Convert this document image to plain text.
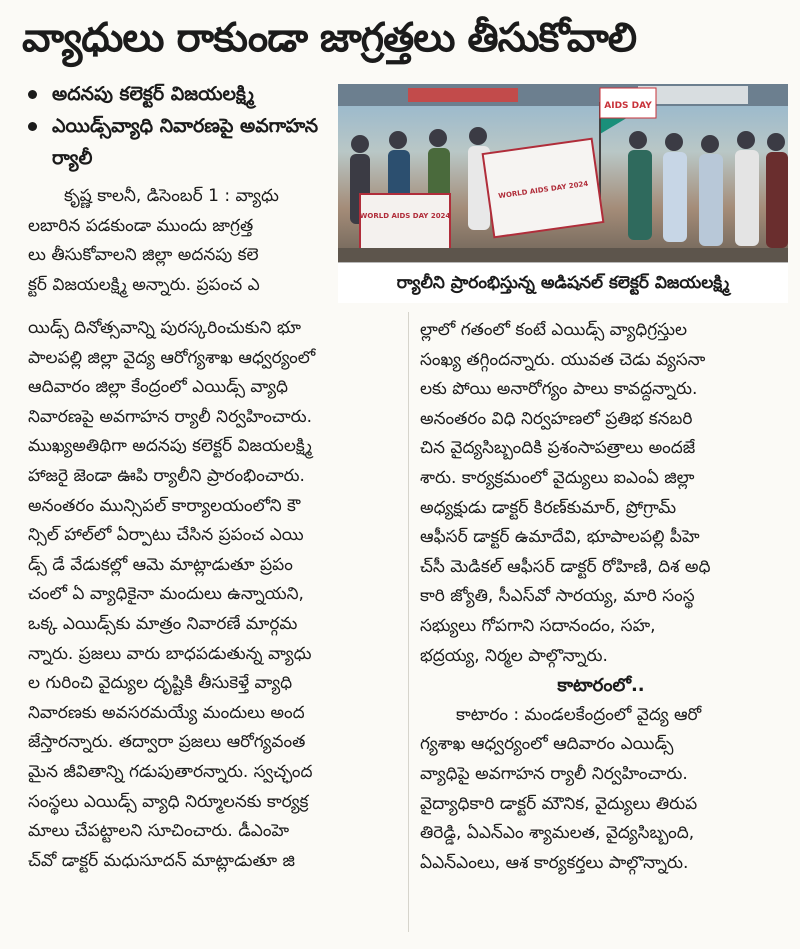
వ్యాధులు రాకుండా జాగ్రత్తలు తీసుకోవాలి
అదనపు కలెక్టర్ విజయలక్ష్మి
ఎయిడ్స్‌వ్యాధి నివారణపై అవగాహన ర్యాలీ
AIDS DAY
WORLD AIDS DAY 2024
WORLD AIDS DAY 2024
ర్యాలీని ప్రారంభిస్తున్న అడిషనల్ కలెక్టర్ విజయలక్ష్మి
కృష్ణ కాలనీ, డిసెంబర్ 1 : వ్యాధు
లబారిన పడకుండా ముందు జాగ్రత్త
లు తీసుకోవాలని జిల్లా అదనపు కలె
క్టర్ విజయలక్ష్మి అన్నారు. ప్రపంచ ఎ
యిడ్స్ దినోత్సవాన్ని పురస్కరించుకుని భూ
పాలపల్లి జిల్లా వైద్య ఆరోగ్యశాఖ ఆధ్వర్యంలో
ఆదివారం జిల్లా కేంద్రంలో ఎయిడ్స్ వ్యాధి
నివారణపై అవగాహన ర్యాలీ నిర్వహించారు.
ముఖ్యఅతిథిగా అదనపు కలెక్టర్ విజయలక్ష్మి
హాజరై జెండా ఊపి ర్యాలీని ప్రారంభించారు.
అనంతరం మున్సిపల్ కార్యాలయంలోని కౌ
న్సిల్ హాల్‌లో ఏర్పాటు చేసిన ప్రపంచ ఎయి
డ్స్ డే వేడుకల్లో ఆమె మాట్లాడుతూ ప్రపం
చంలో ఏ వ్యాధికైనా మందులు ఉన్నాయని,
ఒక్క ఎయిడ్స్‌కు మాత్రం నివారణే మార్గమ
న్నారు. ప్రజలు వారు బాధపడుతున్న వ్యాధు
ల గురించి వైద్యుల దృష్టికి తీసుకెళ్తే వ్యాధి
నివారణకు అవసరమయ్యే మందులు అంద
జేస్తారన్నారు. తద్వారా ప్రజలు ఆరోగ్యవంత
మైన జీవితాన్ని గడుపుతారన్నారు. స్వచ్ఛంద
సంస్థలు ఎయిడ్స్ వ్యాధి నిర్మూలనకు కార్యక్ర
మాలు చేపట్టాలని సూచించారు. డీఎంహె
చ్‌వో డాక్టర్ మధుసూదన్ మాట్లాడుతూ జి
ల్లాలో గతంలో కంటే ఎయిడ్స్ వ్యాధిగ్రస్తుల
సంఖ్య తగ్గిందన్నారు. యువత చెడు వ్యసనా
లకు పోయి అనారోగ్యం పాలు కావద్దన్నారు.
అనంతరం విధి నిర్వహణలో ప్రతిభ కనబరి
చిన వైద్యసిబ్బందికి ప్రశంసాపత్రాలు అందజే
శారు. కార్యక్రమంలో వైద్యులు ఐఎంఏ జిల్లా
అధ్యక్షుడు డాక్టర్ కిరణ్‌కుమార్, ప్రోగ్రామ్
ఆఫీసర్ డాక్టర్ ఉమాదేవి, భూపాలపల్లి పీహె
చ్‌సీ మెడికల్ ఆఫీసర్ డాక్టర్ రోహిణి, దిశ అధి
కారి జ్యోతి, సీఎస్‌వో సారయ్య, మారి సంస్థ
సభ్యులు గోపగాని సదానందం, సహ,
భద్రయ్య, నిర్మల పాల్గొన్నారు.
కాటారంలో..
కాటారం : మండలకేంద్రంలో వైద్య ఆరో
గ్యశాఖ ఆధ్వర్యంలో ఆదివారం ఎయిడ్స్
వ్యాధిపై అవగాహన ర్యాలీ నిర్వహించారు.
వైద్యాధికారి డాక్టర్ మౌనిక, వైద్యులు తిరుప
తిరెడ్డి, ఏఎన్ఎం శ్యామలత, వైద్యసిబ్బంది,
ఏఎన్ఎంలు, ఆశ కార్యకర్తలు పాల్గొన్నారు.
